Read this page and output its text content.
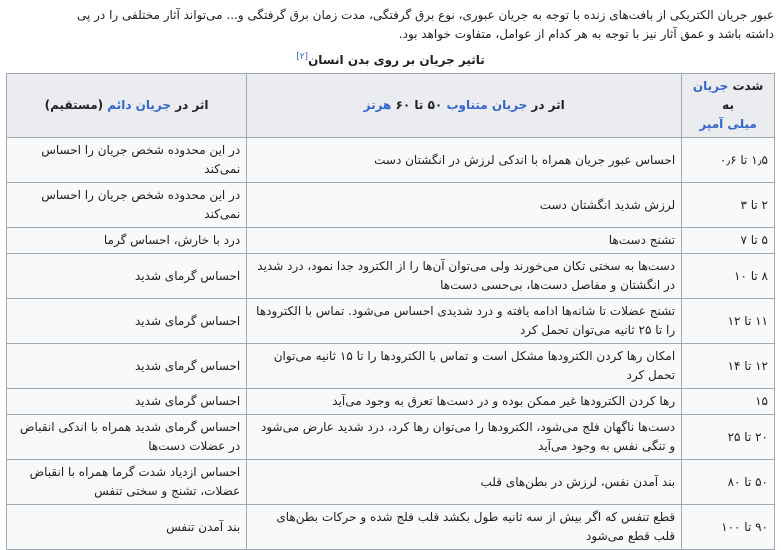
عبور جریان الکتریکی از بافت‌های زنده با توجه به جریان عبوری، نوع برق گرفتگی، مدت زمان برق گرفتگی و... می‌تواند آثار مختلفی را در پی
داشته باشد و عمق آثار نیز با توجه به هر کدام از عوامل، متفاوت خواهد بود.

تاثیر جریان بر روی بدن انسان[۲]
شدت جریان به
میلی آمپر	اثر در جریان متناوب ۵۰ تا ۶۰ هرتز	اثر در جریان دائم (مستقیم)
۱٫۵ تا ۰٫۶	احساس عبور جریان همراه با اندکی لرزش در انگشتان دست	در این محدوده شخص جریان را احساس نمی‌کند
۲ تا ۳	لرزش شدید انگشتان دست	در این محدوده شخص جریان را احساس نمی‌کند
۵ تا ۷	تشنج دست‌ها	درد با خارش، احساس گرما
۸ تا ۱۰	دست‌ها به سختی تکان می‌خورند ولی می‌توان آن‌ها را از الکترود جدا نمود، درد شدید در انگشتان و مفاصل دست‌ها، بی‌حسی دست‌ها	احساس گرمای شدید
۱۱ تا ۱۲	تشنج عضلات تا شانه‌ها ادامه یافته و درد شدیدی احساس می‌شود. تماس با الکترودها را تا ۲۵ ثانیه می‌توان تحمل کرد	احساس گرمای شدید
۱۲ تا ۱۴	امکان رها کردن الکترودها مشکل است و تماس با الکترودها را تا ۱۵ ثانیه می‌توان تحمل کرد	احساس گرمای شدید
۱۵	رها کردن الکترودها غیر ممکن بوده و در دست‌ها تعرق به وجود می‌آید	احساس گرمای شدید
۲۰ تا ۲۵	دست‌ها ناگهان فلج می‌شود، الکترودها را می‌توان رها کرد، درد شدید عارض می‌شود و تنگی نفس به وجود می‌آید	احساس گرمای شدید همراه با اندکی انقباض در عضلات دست‌ها
۵۰ تا ۸۰	بند آمدن نفس، لرزش در بطن‌های قلب	احساس ازدیاد شدت گرما همراه با انقباض عضلات، تشنج و سختی تنفس
۹۰ تا ۱۰۰	قطع تنفس که اگر بیش از سه ثانیه طول بکشد قلب فلج شده و حرکات بطن‌های قلب قطع می‌شود	بند آمدن تنفس
